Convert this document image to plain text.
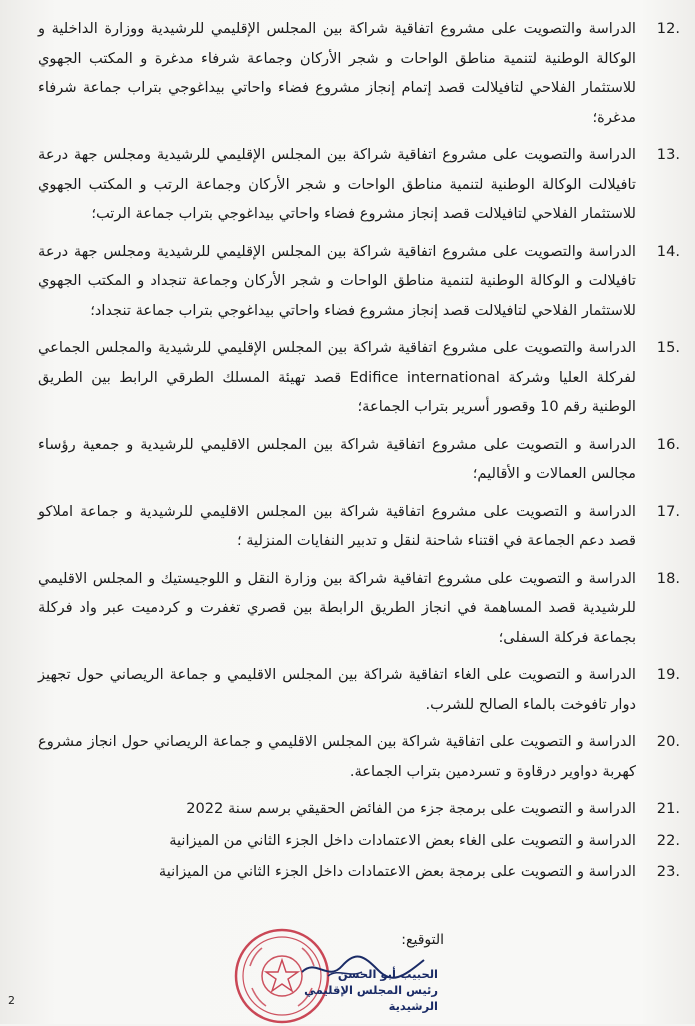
12.
الدراسة والتصويت على مشروع اتفاقية شراكة بين المجلس الإقليمي للرشيدية ووزارة الداخلية و الوكالة الوطنية لتنمية مناطق الواحات و شجر الأركان وجماعة شرفاء مدغرة و المكتب الجهوي للاستثمار الفلاحي لتافيلالت قصد إتمام إنجاز مشروع فضاء واحاتي بيداغوجي بتراب جماعة شرفاء مدغرة؛
13.
الدراسة والتصويت على مشروع اتفاقية شراكة بين المجلس الإقليمي للرشيدية ومجلس جهة درعة تافيلالت الوكالة الوطنية لتنمية مناطق الواحات و شجر الأركان وجماعة الرتب و المكتب الجهوي للاستثمار الفلاحي لتافيلالت قصد إنجاز مشروع فضاء واحاتي بيداغوجي بتراب جماعة الرتب؛
14.
الدراسة والتصويت على مشروع اتفاقية شراكة بين المجلس الإقليمي للرشيدية ومجلس جهة درعة تافيلالت و الوكالة الوطنية لتنمية مناطق الواحات و شجر الأركان وجماعة تنجداد و المكتب الجهوي للاستثمار الفلاحي لتافيلالت قصد إنجاز مشروع فضاء واحاتي بيداغوجي بتراب جماعة تنجداد؛
15.
الدراسة والتصويت على مشروع اتفاقية شراكة بين المجلس الإقليمي للرشيدية والمجلس الجماعي لفركلة العليا وشركة Edifice international قصد تهيئة المسلك الطرقي الرابط بين الطريق الوطنية رقم 10 وقصور أسرير بتراب الجماعة؛
16.
الدراسة و التصويت على مشروع اتفاقية شراكة بين المجلس الاقليمي للرشيدية و جمعية رؤساء مجالس العمالات و الأقاليم؛
17.
الدراسة و التصويت على مشروع اتفاقية شراكة بين المجلس الاقليمي للرشيدية و جماعة املاكو قصد دعم الجماعة في اقتناء شاحنة لنقل و تدبير النفايات المنزلية ؛
18.
الدراسة و التصويت على مشروع اتفاقية شراكة بين وزارة النقل و اللوجيستيك و المجلس الاقليمي للرشيدية قصد المساهمة في انجاز الطريق الرابطة بين قصري تغفرت و كردميت عبر واد فركلة بجماعة فركلة السفلى؛
19.
الدراسة و التصويت على الغاء اتفاقية شراكة بين المجلس الاقليمي و جماعة الريصاني حول تجهيز دوار تافوخت بالماء الصالح للشرب.
20.
الدراسة و التصويت على اتفاقية شراكة بين المجلس الاقليمي و جماعة الريصاني حول انجاز مشروع كهربة دواوير درقاوة و تسردمين بتراب الجماعة.
21.
الدراسة و التصويت على برمجة جزء من الفائض الحقيقي برسم سنة 2022
22.
الدراسة و التصويت على الغاء بعض الاعتمادات داخل الجزء الثاني من الميزانية
23.
الدراسة و التصويت على برمجة بعض الاعتمادات داخل الجزء الثاني من الميزانية
التوقيع:
الحبيب أبو الحسن
رئيس المجلس الإقليمي
الرشيدية
2
